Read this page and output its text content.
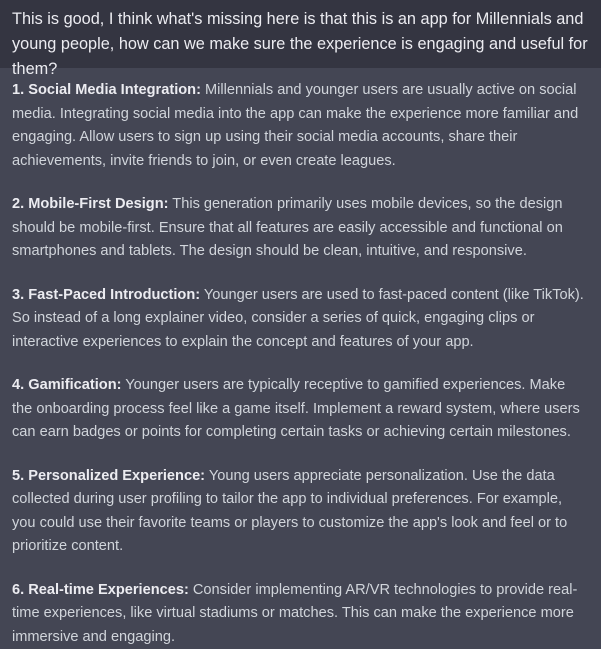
This is good, I think what's missing here is that this is an app for Millennials and young people, how can we make sure the experience is engaging and useful for them?

1. Social Media Integration: Millennials and younger users are usually active on social media. Integrating social media into the app can make the experience more familiar and engaging. Allow users to sign up using their social media accounts, share their achievements, invite friends to join, or even create leagues.

2. Mobile-First Design: This generation primarily uses mobile devices, so the design should be mobile-first. Ensure that all features are easily accessible and functional on smartphones and tablets. The design should be clean, intuitive, and responsive.

3. Fast-Paced Introduction: Younger users are used to fast-paced content (like TikTok). So instead of a long explainer video, consider a series of quick, engaging clips or interactive experiences to explain the concept and features of your app.

4. Gamification: Younger users are typically receptive to gamified experiences. Make the onboarding process feel like a game itself. Implement a reward system, where users can earn badges or points for completing certain tasks or achieving certain milestones.

5. Personalized Experience: Young users appreciate personalization. Use the data collected during user profiling to tailor the app to individual preferences. For example, you could use their favorite teams or players to customize the app's look and feel or to prioritize content.

6. Real-time Experiences: Consider implementing AR/VR technologies to provide real-time experiences, like virtual stadiums or matches. This can make the experience more immersive and engaging.
